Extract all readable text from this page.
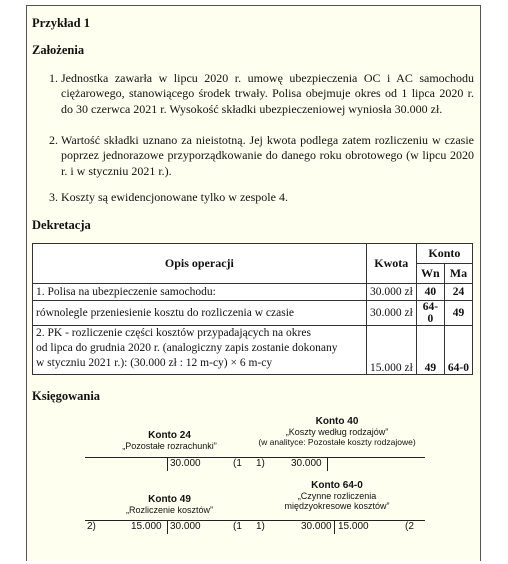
Przykład 1
Założenia
1. Jednostka zawarła w lipcu 2020 r. umowę ubezpieczenia OC i AC samochodu ciężarowego, stanowiącego środek trwały. Polisa obejmuje okres od 1 lipca 2020 r. do 30 czerwca 2021 r. Wysokość składki ubezpieczeniowej wyniosła 30.000 zł.
2. Wartość składki uznano za nieistotną. Jej kwota podlega zatem rozliczeniu w czasie poprzez jednorazowe przyporządkowanie do danego roku obrotowego (w lipcu 2020 r. i w styczniu 2021 r.).
3. Koszty są ewidencjonowane tylko w zespole 4.
Dekretacja
Opis operacji	Kwota	Konto	
		Wn	Ma
1. Polisa na ubezpieczenie samochodu:	30.000 zł	40	24
równolegle przeniesienie kosztu do rozliczenia w czasie	30.000 zł	64-0	49

2. PK - rozliczenie części kosztów przypadających na okres
od lipca do grudnia 2020 r. (analogiczny zapis zostanie dokonany
w styczniu 2021 r.): (30.000 zł : 12 m-cy) × 6 m-cy	15.000 zł	49	64-0
Księgowania
Konto 24
„Pozostałe rozrachunki”
30.000	(1
Konto 40
„Koszty według rodzajów”
(w analityce: Pozostałe koszty rodzajowe)
1)	30.000
Konto 49
„Rozliczenie kosztów”
2)	15.000 30.000	(1
Konto 64-0
„Czynne rozliczenia
międzyokresowe kosztów”
1)	30.000 15.000	(2
